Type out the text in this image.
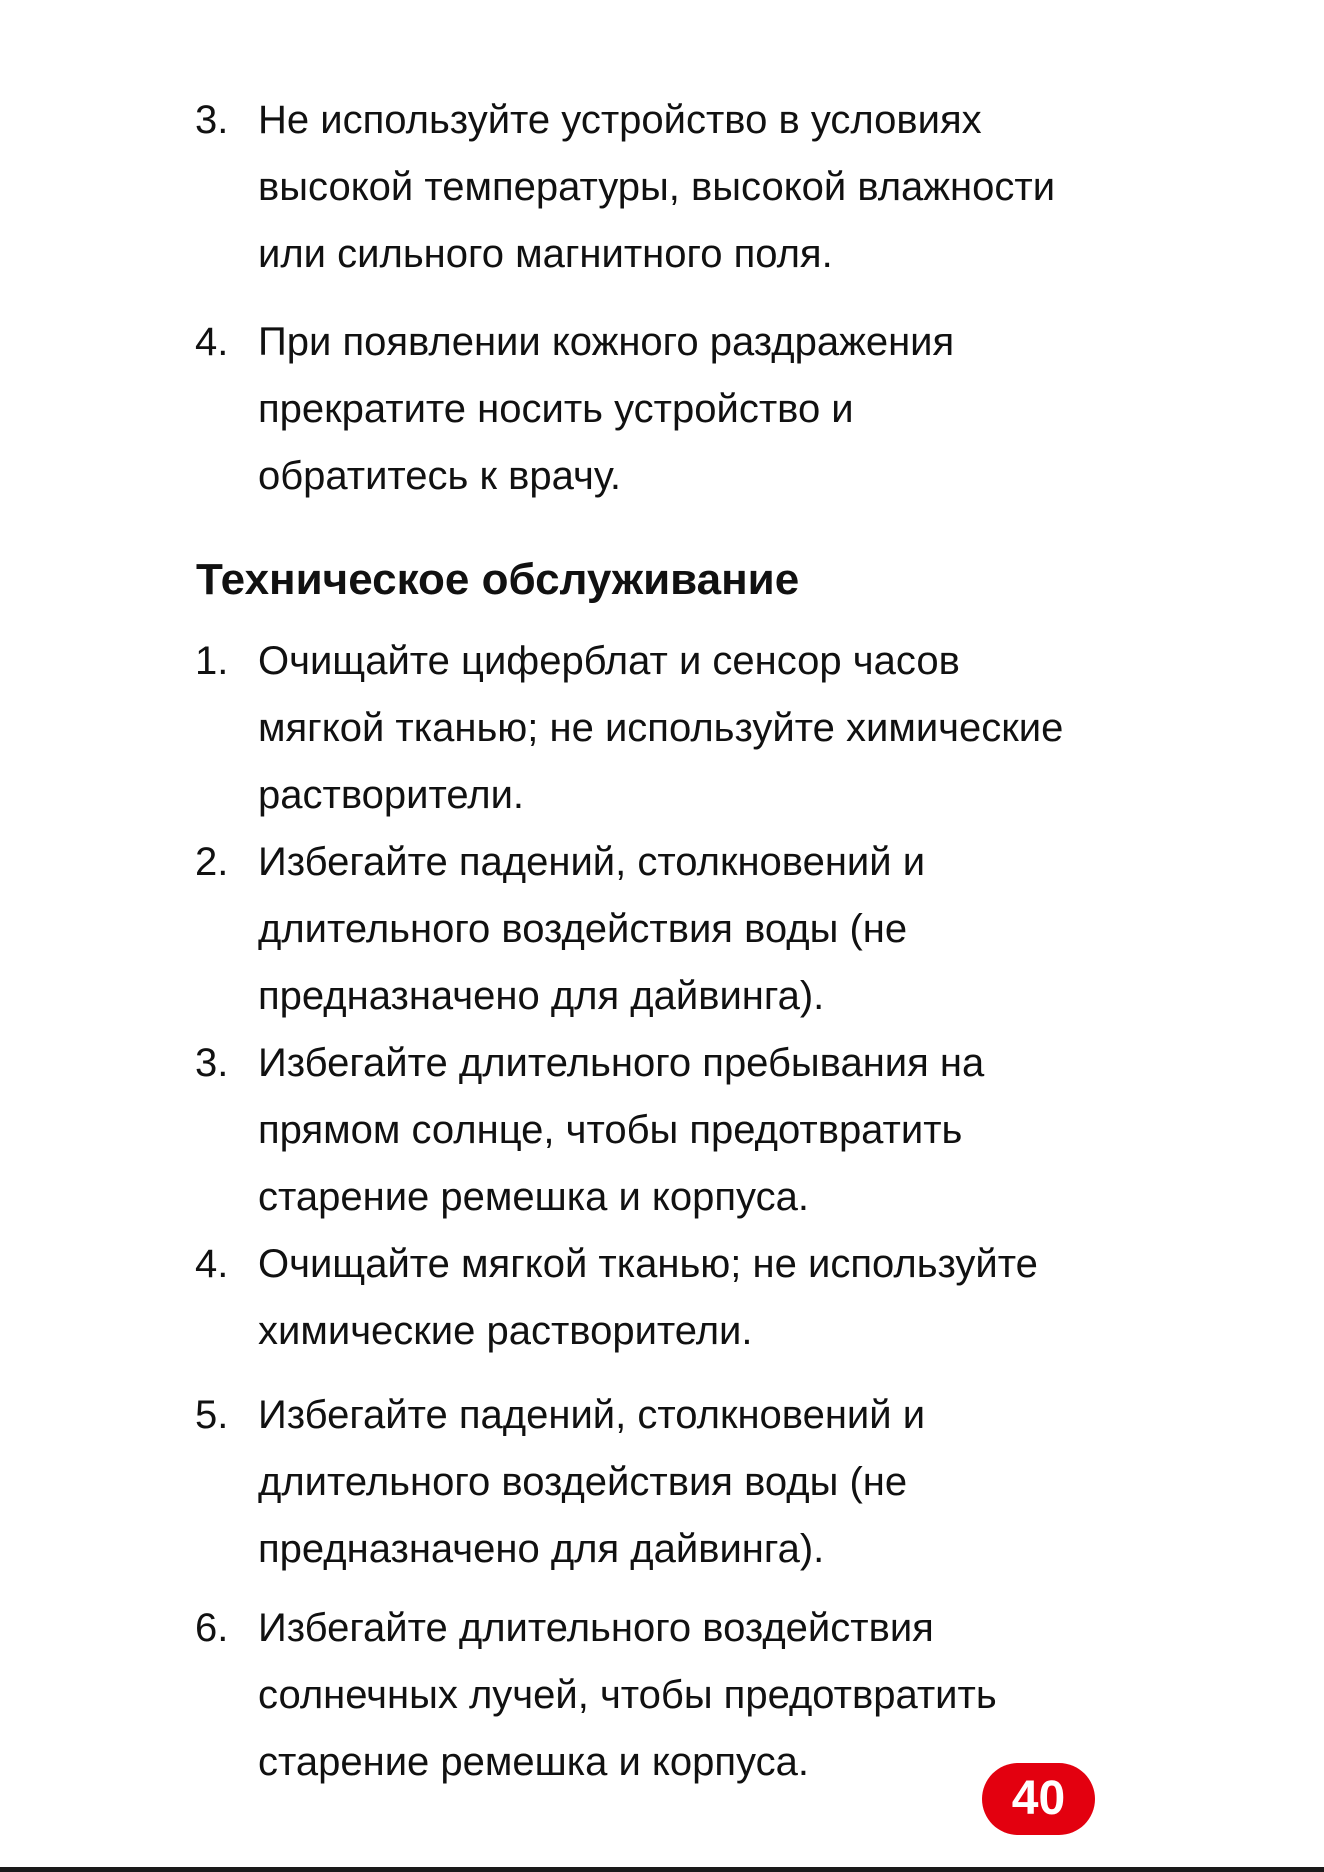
3. Не используйте устройство в условиях
высокой температуры, высокой влажности
или сильного магнитного поля.
4. При появлении кожного раздражения
прекратите носить устройство и
обратитесь к врачу.
Техническое обслуживание
1. Очищайте циферблат и сенсор часов
мягкой тканью; не используйте химические
растворители.
2. Избегайте падений, столкновений и
длительного воздействия воды (не
предназначено для дайвинга).
3. Избегайте длительного пребывания на
прямом солнце, чтобы предотвратить
старение ремешка и корпуса.
4. Очищайте мягкой тканью; не используйте
химические растворители.
5. Избегайте падений, столкновений и
длительного воздействия воды (не
предназначено для дайвинга).
6. Избегайте длительного воздействия
солнечных лучей, чтобы предотвратить
старение ремешка и корпуса.
40
